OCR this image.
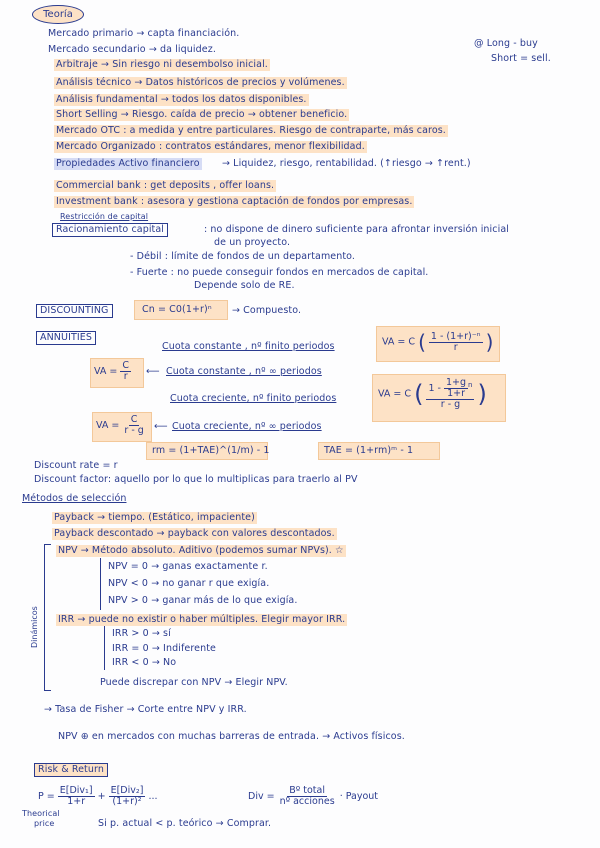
Teoría
@ Long - buy
Short = sell.
Mercado primario → capta financiación.
Mercado secundario → da liquidez.
Arbitraje → Sin riesgo ni desembolso inicial.
Análisis técnico → Datos históricos de precios y volúmenes.
Análisis fundamental → todos los datos disponibles.
Short Selling → Riesgo. caída de precio → obtener beneficio.
Mercado OTC : a medida y entre particulares. Riesgo de contraparte, más caros.
Mercado Organizado : contratos estándares, menor flexibilidad.
Propiedades Activo financiero → Liquidez, riesgo, rentabilidad. (↑riesgo → ↑rent.)
Commercial bank : get deposits , offer loans.
Investment bank : asesora y gestiona captación de fondos por empresas.
Restricción de capital
Racionamiento capital	: no dispone de dinero suficiente para afrontar inversión inicial
de un proyecto.
- Débil : límite de fondos de un departamento.
- Fuerte : no puede conseguir fondos en mercados de capital.
Depende solo de RE.
DISCOUNTING	Cn = C0(1+r)ⁿ → Compuesto.
ANNUITIES
Cuota constante , nº finito periodos	VA = C ( $\frac{\text{1 - (1+r)⁻ⁿ}}{r}$ )
VA = $\frac{C}{r}$ ⟵ Cuota constante , nº ∞ periodos
Cuota creciente, nº finito periodos	VA = C ( $\frac{1 - \frac{1+g}{1+r} ^n}{r - g}$ )
VA = $\frac{C}{r - g}$ ⟵ Cuota creciente, nº ∞ periodos
rm = (1+TAE)^(1/m) - 1	TAE = (1+rm)ᵐ - 1
Discount rate = r
Discount factor: aquello por lo que lo multiplicas para traerlo al PV
Métodos de selección
Payback → tiempo. (Estático, impaciente)
Payback descontado → payback con valores descontados.
Dinámicos
NPV → Método absoluto. Aditivo (podemos sumar NPVs). ☆
NPV = 0 → ganas exactamente r.
NPV < 0 → no ganar r que exigía.
NPV > 0 → ganar más de lo que exigía.
IRR → puede no existir o haber múltiples. Elegir mayor IRR.
IRR > 0 → sí
IRR = 0 → Indiferente
IRR < 0 → No
Puede discrepar con NPV → Elegir NPV.
→ Tasa de Fisher → Corte entre NPV y IRR.
NPV ⊕ en mercados con muchas barreras de entrada. → Activos físicos.
Risk & Return
$P = \frac{\text{E[Div₁]}}{1+r} + \frac{\text{E[Div₂]}}{\text{(1+r)²}}$ ...
Theorical
price
Div = $\frac{\text{Bº total}}{\text{nº acciones}}$ · Payout
Si p. actual < p. teórico → Comprar.
